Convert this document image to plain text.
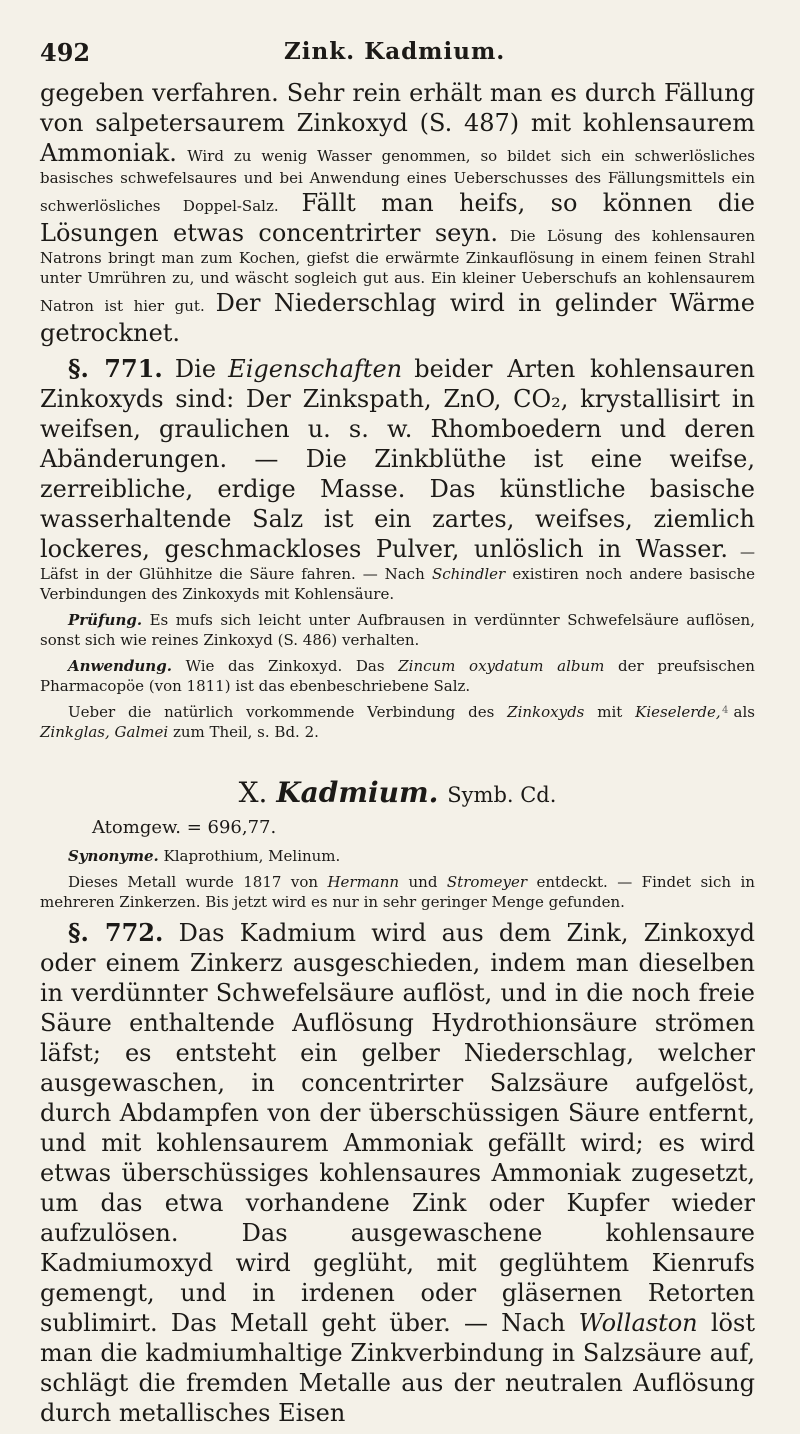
492	Zink. Kadmium.

gegeben verfahren. Sehr rein erhält man es durch Fällung von salpetersaurem Zinkoxyd (S. 487) mit kohlensaurem Ammoniak. Wird zu wenig Wasser genommen, so bildet sich ein schwerlösliches basisches schwefelsaures und bei Anwendung eines Ueberschusses des Fällungsmittels ein schwerlösliches Doppel-Salz. Fällt man heifs, so können die Lösungen etwas concentrirter seyn. Die Lösung des kohlensauren Natrons bringt man zum Kochen, giefst die erwärmte Zinkauflösung in einem feinen Strahl unter Umrühren zu, und wäscht sogleich gut aus. Ein kleiner Ueberschufs an kohlensaurem Natron ist hier gut. Der Niederschlag wird in gelinder Wärme getrocknet.

§. 771. Die Eigenschaften beider Arten kohlensauren Zinkoxyds sind: Der Zinkspath, ZnO, CO₂, krystallisirt in weifsen, graulichen u. s. w. Rhomboedern und deren Abänderungen. — Die Zinkblüthe ist eine weifse, zerreibliche, erdige Masse. Das künstliche basische wasserhaltende Salz ist ein zartes, weifses, ziemlich lockeres, geschmackloses Pulver, unlöslich in Wasser. — Läfst in der Glühhitze die Säure fahren. — Nach Schindler existiren noch andere basische Verbindungen des Zinkoxyds mit Kohlensäure.

Prüfung. Es mufs sich leicht unter Aufbrausen in verdünnter Schwefelsäure auflösen, sonst sich wie reines Zinkoxyd (S. 486) verhalten.

Anwendung. Wie das Zinkoxyd. Das Zincum oxydatum album der preufsischen Pharmacopöe (von 1811) ist das ebenbeschriebene Salz.

Ueber die natürlich vorkommende Verbindung des Zinkoxyds mit Kieselerde, als Zinkglas, Galmei zum Theil, s. Bd. 2.

X. Kadmium. Symb. Cd.
Atomgew. = 696,77.

Synonyme. Klaprothium, Melinum.

Dieses Metall wurde 1817 von Hermann und Stromeyer entdeckt. — Findet sich in mehreren Zinkerzen. Bis jetzt wird es nur in sehr geringer Menge gefunden.

§. 772. Das Kadmium wird aus dem Zink, Zinkoxyd oder einem Zinkerz ausgeschieden, indem man dieselben in verdünnter Schwefelsäure auflöst, und in die noch freie Säure enthaltende Auflösung Hydrothionsäure strömen läfst; es entsteht ein gelber Niederschlag, welcher ausgewaschen, in concentrirter Salzsäure aufgelöst, durch Abdampfen von der überschüssigen Säure entfernt, und mit kohlensaurem Ammoniak gefällt wird; es wird etwas überschüssiges kohlensaures Ammoniak zugesetzt, um das etwa vorhandene Zink oder Kupfer wieder aufzulösen. Das ausgewaschene kohlensaure Kadmiumoxyd wird geglüht, mit geglühtem Kienrufs gemengt, und in irdenen oder gläsernen Retorten sublimirt. Das Metall geht über. — Nach Wollaston löst man die kadmiumhaltige Zinkverbindung in Salzsäure auf, schlägt die fremden Metalle aus der neutralen Auflösung durch metallisches Eisen

4
